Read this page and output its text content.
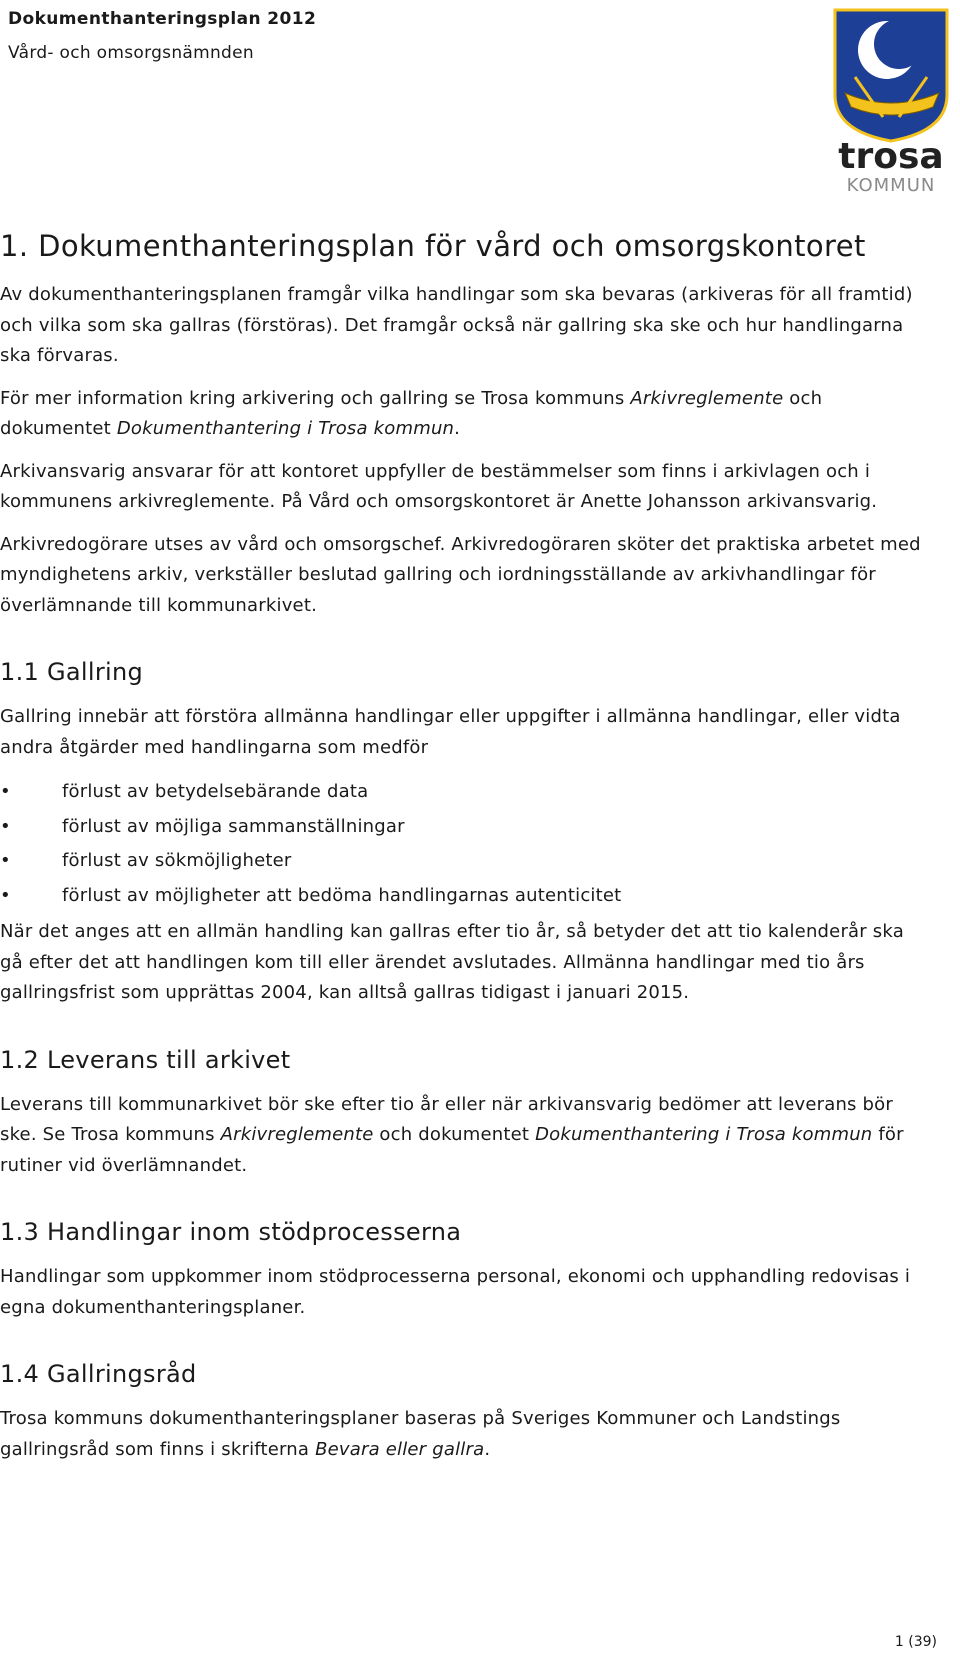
Dokumenthanteringsplan 2012
Vård- och omsorgsnämnden
trosa
KOMMUN
1. Dokumenthanteringsplan för vård och omsorgskontoret

Av dokumenthanteringsplanen framgår vilka handlingar som ska bevaras (arkiveras för all framtid) och vilka som ska gallras (förstöras). Det framgår också när gallring ska ske och hur handlingarna ska förvaras.

För mer information kring arkivering och gallring se Trosa kommuns Arkivreglemente och dokumentet Dokumenthantering i Trosa kommun.

Arkivansvarig ansvarar för att kontoret uppfyller de bestämmelser som finns i arkivlagen och i kommunens arkivreglemente. På Vård och omsorgskontoret är Anette Johansson arkivansvarig.

Arkivredogörare utses av vård och omsorgschef. Arkivredogöraren sköter det praktiska arbetet med myndighetens arkiv, verkställer beslutad gallring och iordningsställande av arkivhandlingar för överlämnande till kommunarkivet.

1.1 Gallring

Gallring innebär att förstöra allmänna handlingar eller uppgifter i allmänna handlingar, eller vidta andra åtgärder med handlingarna som medför

•	förlust av betydelsebärande data
•	förlust av möjliga sammanställningar
•	förlust av sökmöjligheter
•	förlust av möjligheter att bedöma handlingarnas autenticitet

När det anges att en allmän handling kan gallras efter tio år, så betyder det att tio kalenderår ska gå efter det att handlingen kom till eller ärendet avslutades. Allmänna handlingar med tio års gallringsfrist som upprättas 2004, kan alltså gallras tidigast i januari 2015.

1.2 Leverans till arkivet

Leverans till kommunarkivet bör ske efter tio år eller när arkivansvarig bedömer att leverans bör ske. Se Trosa kommuns Arkivreglemente och dokumentet Dokumenthantering i Trosa kommun för rutiner vid överlämnandet.

1.3 Handlingar inom stödprocesserna

Handlingar som uppkommer inom stödprocesserna personal, ekonomi och upphandling redovisas i egna dokumenthanteringsplaner.

1.4 Gallringsråd

Trosa kommuns dokumenthanteringsplaner baseras på Sveriges Kommuner och Landstings gallringsråd som finns i skrifterna Bevara eller gallra.

1 (39)
